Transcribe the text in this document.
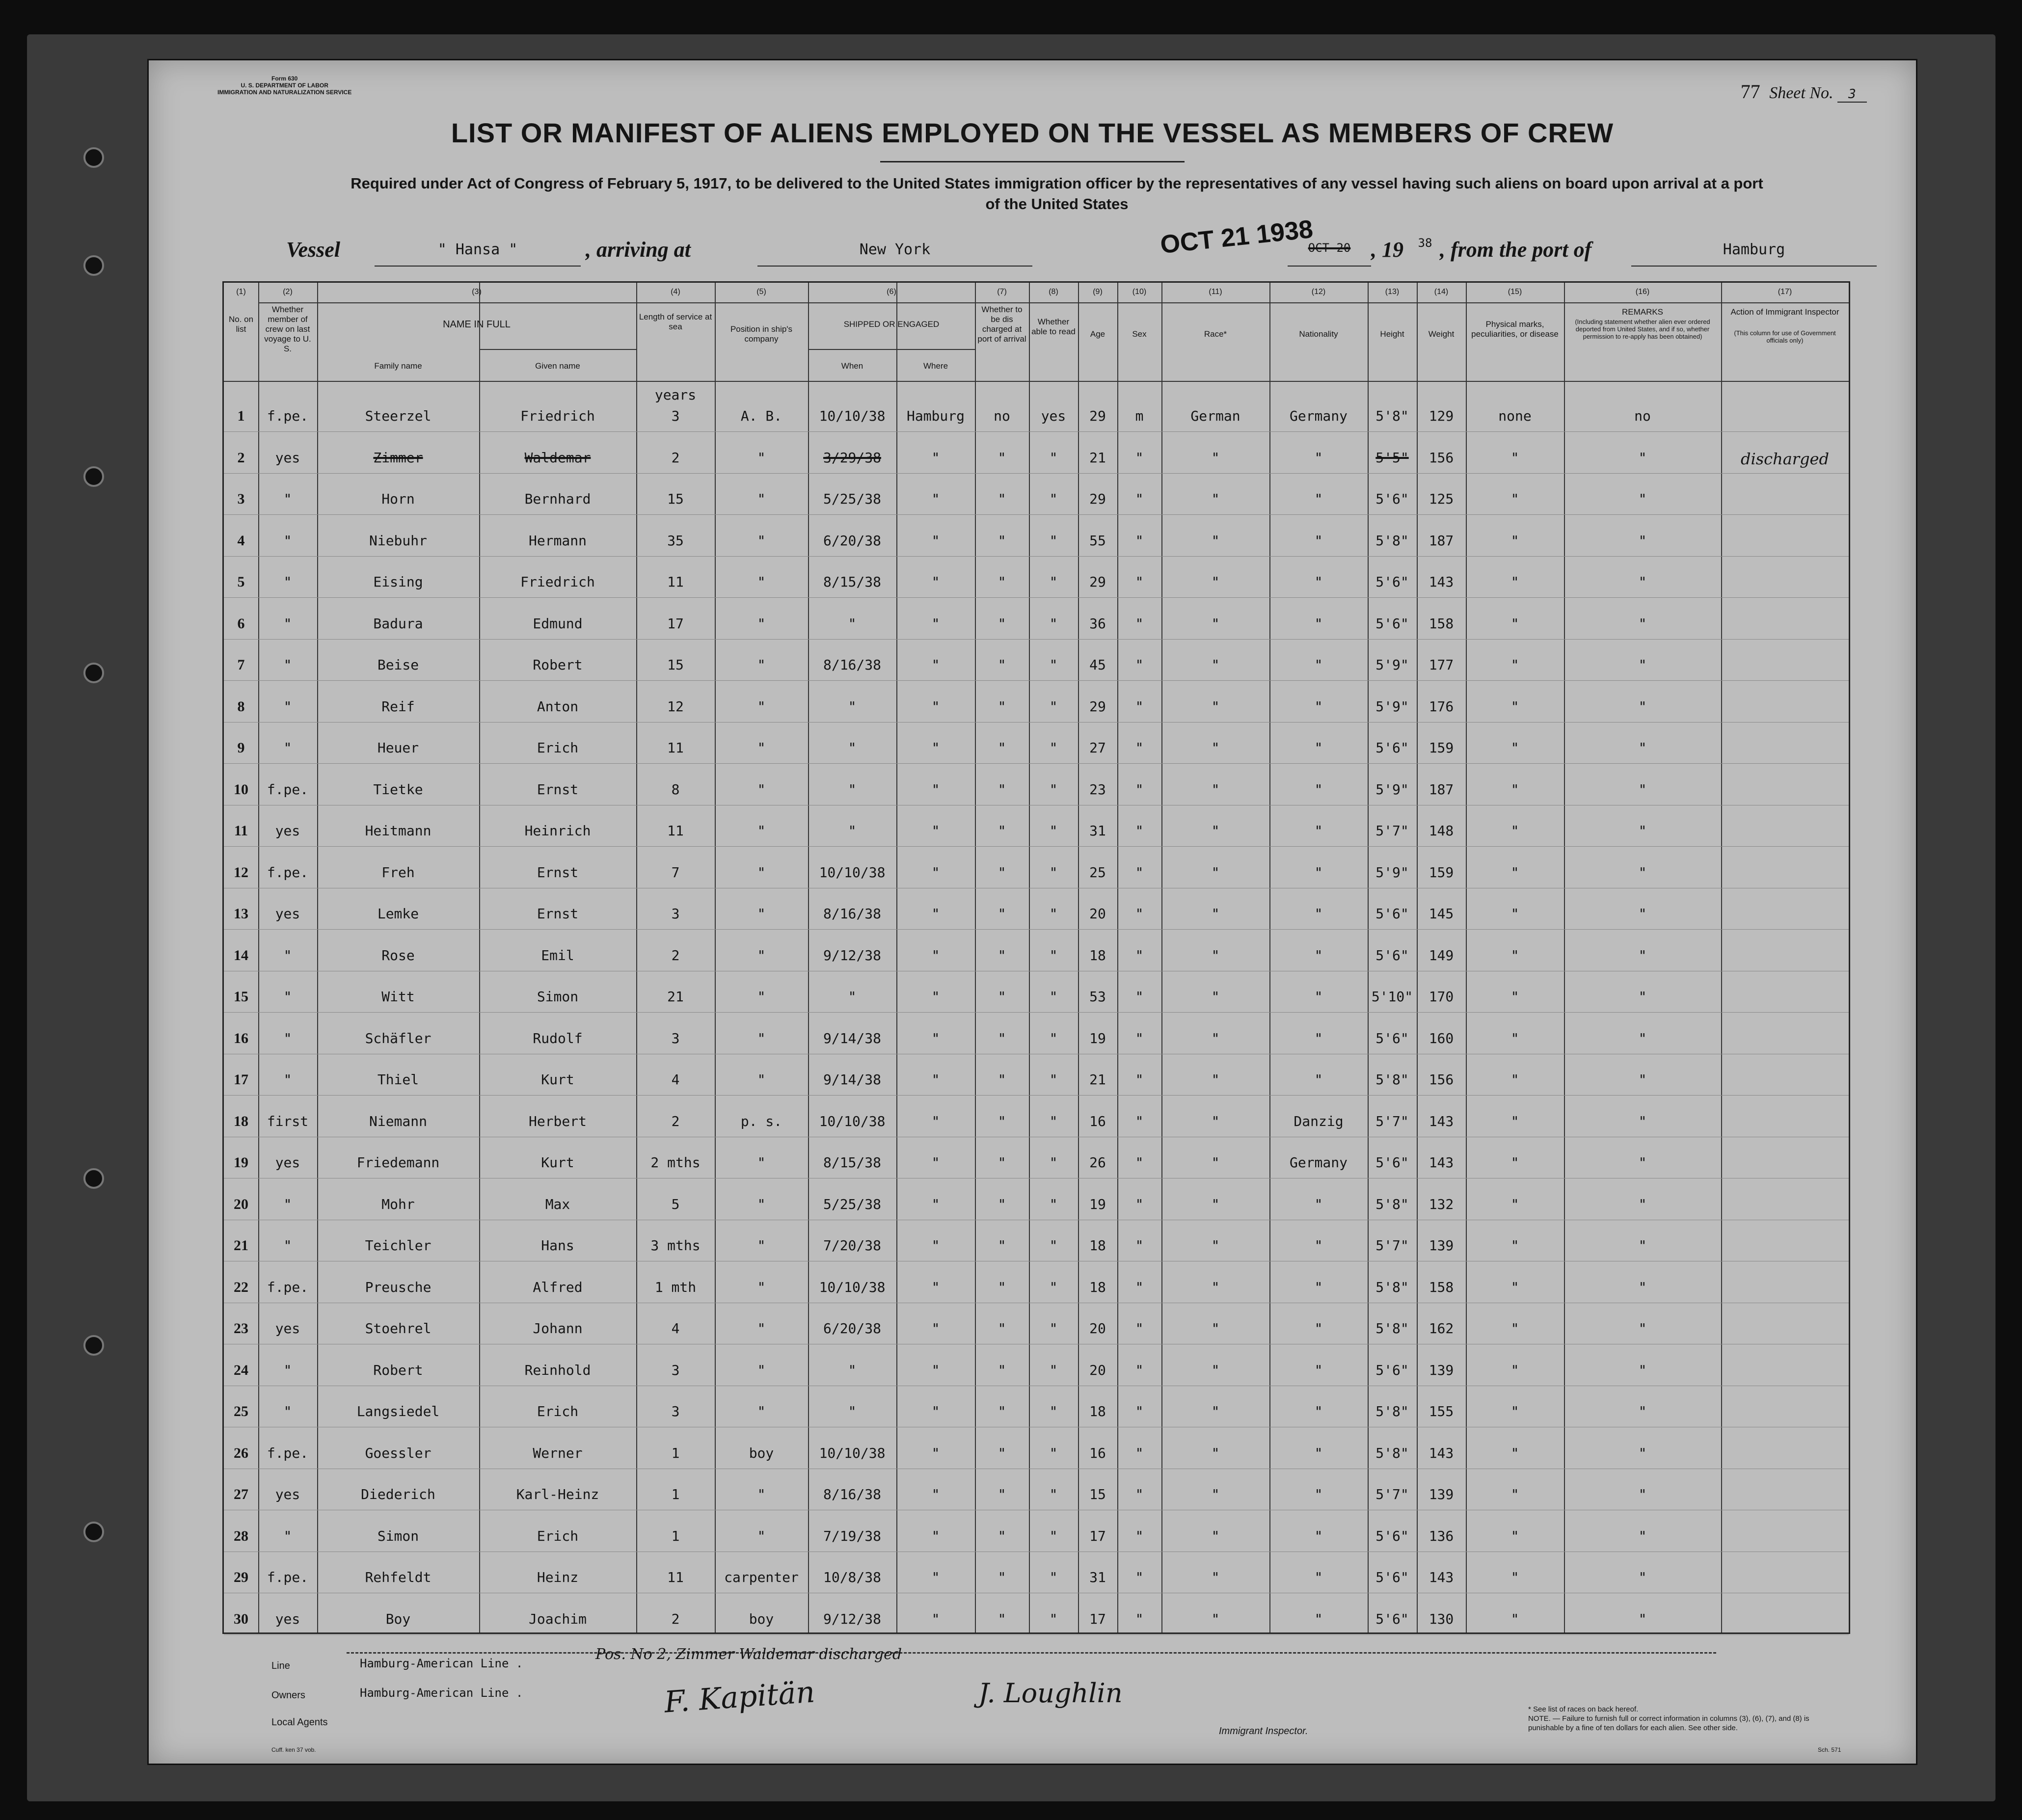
Form 630
U. S. DEPARTMENT OF LABOR
IMMIGRATION AND NATURALIZATION SERVICE	77 Sheet No. 3
LIST OR MANIFEST OF ALIENS EMPLOYED ON THE VESSEL AS MEMBERS OF CREW
Required under Act of Congress of February 5, 1917, to be delivered to the United States immigration officer by the representatives of any vessel having such aliens on board upon arrival at a port of the United States
Vessel	" Hansa "	, arriving at	New York	OCT 21 1938
OCT 20 , 19	38 , from the port of	Hamburg
(1)	(2)	(3)	(4)	(5)	(6)	(7)	(8)	(9)	(10)	(11)	(12)	(13)	(14)	(15)	(16)	(17)
No. on list
Whether member of crew on last voyage to U. S.
NAME IN FULL
Family name	Given name
Length of service at sea	Position in ship's company
SHIPPED OR ENGAGED
When	Where
Whether to be dis charged at port of arrival
Whether able to read	Age	Sex	Race*	Nationality	Height	Weight
Physical marks, peculiarities, or disease
REMARKS
(Including statement whether alien ever ordered deported from United States, and if so, whether permission to re-apply has been obtained)
Action of Immigrant Inspector
(This column for use of Government officials only)
years
1	f.pe.	Steerzel	Friedrich	3	A. B.	10/10/38	Hamburg	no	yes	29	m	German	Germany	5'8"	129	none	no
2	yes	Zimmer	Waldemar	2	"	3/29/38	"	"	"	21	"	"	"	5'5"	156	"	"	discharged
3	"	Horn	Bernhard	15	"	5/25/38	"	"	"	29	"	"	"	5'6"	125	"	"
4	"	Niebuhr	Hermann	35	"	6/20/38	"	"	"	55	"	"	"	5'8"	187	"	"
5	"	Eising	Friedrich	11	"	8/15/38	"	"	"	29	"	"	"	5'6"	143	"	"
6	"	Badura	Edmund	17	"	"	"	"	"	36	"	"	"	5'6"	158	"	"
7	"	Beise	Robert	15	"	8/16/38	"	"	"	45	"	"	"	5'9"	177	"	"
8	"	Reif	Anton	12	"	"	"	"	"	29	"	"	"	5'9"	176	"	"
9	"	Heuer	Erich	11	"	"	"	"	"	27	"	"	"	5'6"	159	"	"
10	f.pe.	Tietke	Ernst	8	"	"	"	"	"	23	"	"	"	5'9"	187	"	"
11	yes	Heitmann	Heinrich	11	"	"	"	"	"	31	"	"	"	5'7"	148	"	"
12	f.pe.	Freh	Ernst	7	"	10/10/38	"	"	"	25	"	"	"	5'9"	159	"	"
13	yes	Lemke	Ernst	3	"	8/16/38	"	"	"	20	"	"	"	5'6"	145	"	"
14	"	Rose	Emil	2	"	9/12/38	"	"	"	18	"	"	"	5'6"	149	"	"
15	"	Witt	Simon	21	"	"	"	"	"	53	"	"	"	5'10"	170	"	"
16	"	Schäfler	Rudolf	3	"	9/14/38	"	"	"	19	"	"	"	5'6"	160	"	"
17	"	Thiel	Kurt	4	"	9/14/38	"	"	"	21	"	"	"	5'8"	156	"	"
18	first	Niemann	Herbert	2	p. s.	10/10/38	"	"	"	16	"	"	Danzig	5'7"	143	"	"
19	yes	Friedemann	Kurt	2 mths	"	8/15/38	"	"	"	26	"	"	Germany	5'6"	143	"	"
20	"	Mohr	Max	5	"	5/25/38	"	"	"	19	"	"	"	5'8"	132	"	"
21	"	Teichler	Hans	3 mths	"	7/20/38	"	"	"	18	"	"	"	5'7"	139	"	"
22	f.pe.	Preusche	Alfred	1 mth	"	10/10/38	"	"	"	18	"	"	"	5'8"	158	"	"
23	yes	Stoehrel	Johann	4	"	6/20/38	"	"	"	20	"	"	"	5'8"	162	"	"
24	"	Robert	Reinhold	3	"	"	"	"	"	20	"	"	"	5'6"	139	"	"
25	"	Langsiedel	Erich	3	"	"	"	"	"	18	"	"	"	5'8"	155	"	"
26	f.pe.	Goessler	Werner	1	boy	10/10/38	"	"	"	16	"	"	"	5'8"	143	"	"
27	yes	Diederich	Karl-Heinz	1	"	8/16/38	"	"	"	15	"	"	"	5'7"	139	"	"
28	"	Simon	Erich	1	"	7/19/38	"	"	"	17	"	"	"	5'6"	136	"	"
29	f.pe.	Rehfeldt	Heinz	11	carpenter	10/8/38	"	"	"	31	"	"	"	5'6"	143	"	"
30	yes	Boy	Joachim	2	boy	9/12/38	"	"	"	17	"	"	"	5'6"	130	"	"
Line	Hamburg-American Line .
Owners	Hamburg-American Line .
Local Agents
Pos. No 2, Zimmer Waldemar discharged
F. Kapitän	J. Loughlin
Immigrant Inspector.
* See list of races on back hereof.
NOTE. — Failure to furnish full or correct information in columns (3), (6), (7), and (8) is punishable by a fine of ten dollars for each alien. See other side.
Cuff. ken 37 vob.	Sch. 571
